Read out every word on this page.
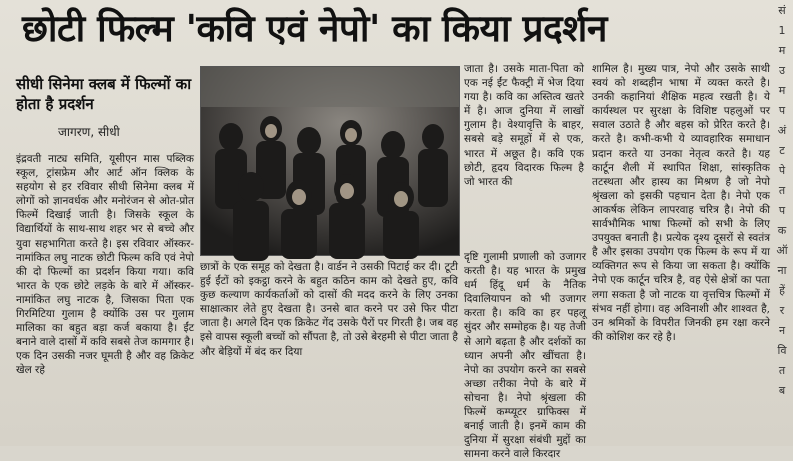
छोटी फिल्म 'कवि एवं नेपो' का किया प्रदर्शन	सं
1
म
उ
म
प
अं
ट
पे
त
प
क
ऑ
ना
हें
र
न
वि
त
ब
सीधी सिनेमा क्लब में फिल्मों का होता है प्रदर्शन
जागरण, सीधी
इंद्रवती नाट्य समिति, यूसीएन मास पब्लिक स्कूल, ट्रांसफ्रेम और आर्ट ऑन क्लिक के सहयोग से हर रविवार सीधी सिनेमा क्लब में लोगों को ज्ञानवर्धक और मनोरंजन से ओत-प्रोत फिल्में दिखाई जाती है। जिसके स्कूल के विद्यार्थियों के साथ-साथ शहर भर से बच्चे और युवा सहभागिता करते है। इस रविवार ऑस्कर-नामांकित लघु नाटक छोटी फिल्म कवि एवं नेपो की दो फिल्मों का प्रदर्शन किया गया। कवि भारत के एक छोटे लड़के के बारे में ऑस्कर-नामांकित लघु नाटक है, जिसका पिता एक गिरमिटिया गुलाम है क्योंकि उस पर गुलाम मालिका का बहुत बड़ा कर्ज बकाया है। ईंट बनाने वाले दासों में कवि सबसे तेज कामगार है। एक दिन उसकी नजर घूमती है और वह क्रिकेट खेल रहे
छात्रों के एक समूह को देखता है। वार्डन ने उसकी पिटाई कर दी। टूटी हुई ईंटों को इकट्ठा करने के बहुत कठिन काम को देखते हुए, कवि कुछ कल्याण कार्यकर्ताओं को दासों की मदद करने के लिए उनका साक्षात्कार लेते हुए देखता है। उनसे बात करने पर उसे फिर पीटा जाता है। अगले दिन एक क्रिकेट गेंद उसके पैरों पर गिरती है। जब वह इसे वापस स्कूली बच्चों को सौंपता है, तो उसे बेरहमी से पीटा जाता है और बेड़ियों में बंद कर दिया
जाता है। उसके माता-पिता को एक नई ईंट फैक्ट्री में भेज दिया गया है। कवि का अस्तित्व खतरे में है। आज दुनिया में लाखों गुलाम है। वेश्यावृत्ति के बाहर, सबसे बड़े समूहों में से एक, भारत में अछूत है। कवि एक छोटी, हृदय विदारक फिल्म है जो भारत की
दृष्टि गुलामी प्रणाली को उजागर करती है। यह भारत के प्रमुख धर्म हिंदू धर्म के नैतिक दिवालियापन को भी उजागर करता है। कवि का हर पहलू सुंदर और सम्मोहक है। यह तेजी से आगे बढ़ता है और दर्शकों का ध्यान अपनी और खींचता है। नेपो का उपयोग करने का सबसे अच्छा तरीका नेपो के बारे में सोचना है। नेपो श्रृंखला की फिल्में कम्प्यूटर ग्राफिक्स में बनाई जाती है। इनमें काम की दुनिया में सुरक्षा संबंधी मुद्दों का सामना करने वाले किरदार
शामिल है। मुख्य पात्र, नेपो और उसके साथी स्वयं को शब्दहीन भाषा में व्यक्त करते है। उनकी कहानियां शैक्षिक महत्व रखती है। ये कार्यस्थल पर सुरक्षा के विशिष्ट पहलुओं पर सवाल उठाते है और बहस को प्रेरित करते है। करते है। कभी-कभी ये व्यावहारिक समाधान प्रदान करते या उनका नेतृत्व करते है। यह कार्टून शैली में स्थापित शिक्षा, सांस्कृतिक तटस्थता और हास्य का मिश्रण है जो नेपो श्रृंखला को इसकी पहचान देता है। नेपो एक आकर्षक लेकिन लापरवाह चरित्र है। नेपो की सार्वभौमिक भाषा फिल्मों को सभी के लिए उपयुक्त बनाती है। प्रत्येक दृश्य दूसरों से स्वतंत्र है और इसका उपयोग एक फिल्म के रूप में या व्यक्तिगत रूप से किया जा सकता है। क्योंकि नेपो एक कार्टून चरित्र है, वह ऐसे क्षेत्रों का पता लगा सकता है जो नाटक या वृत्तचित्र फिल्मों में संभव नहीं होगा। वह अविनाशी और शाश्वत है, उन श्रमिकों के विपरीत जिनकी हम रक्षा करने की कोशिश कर रहे है।
